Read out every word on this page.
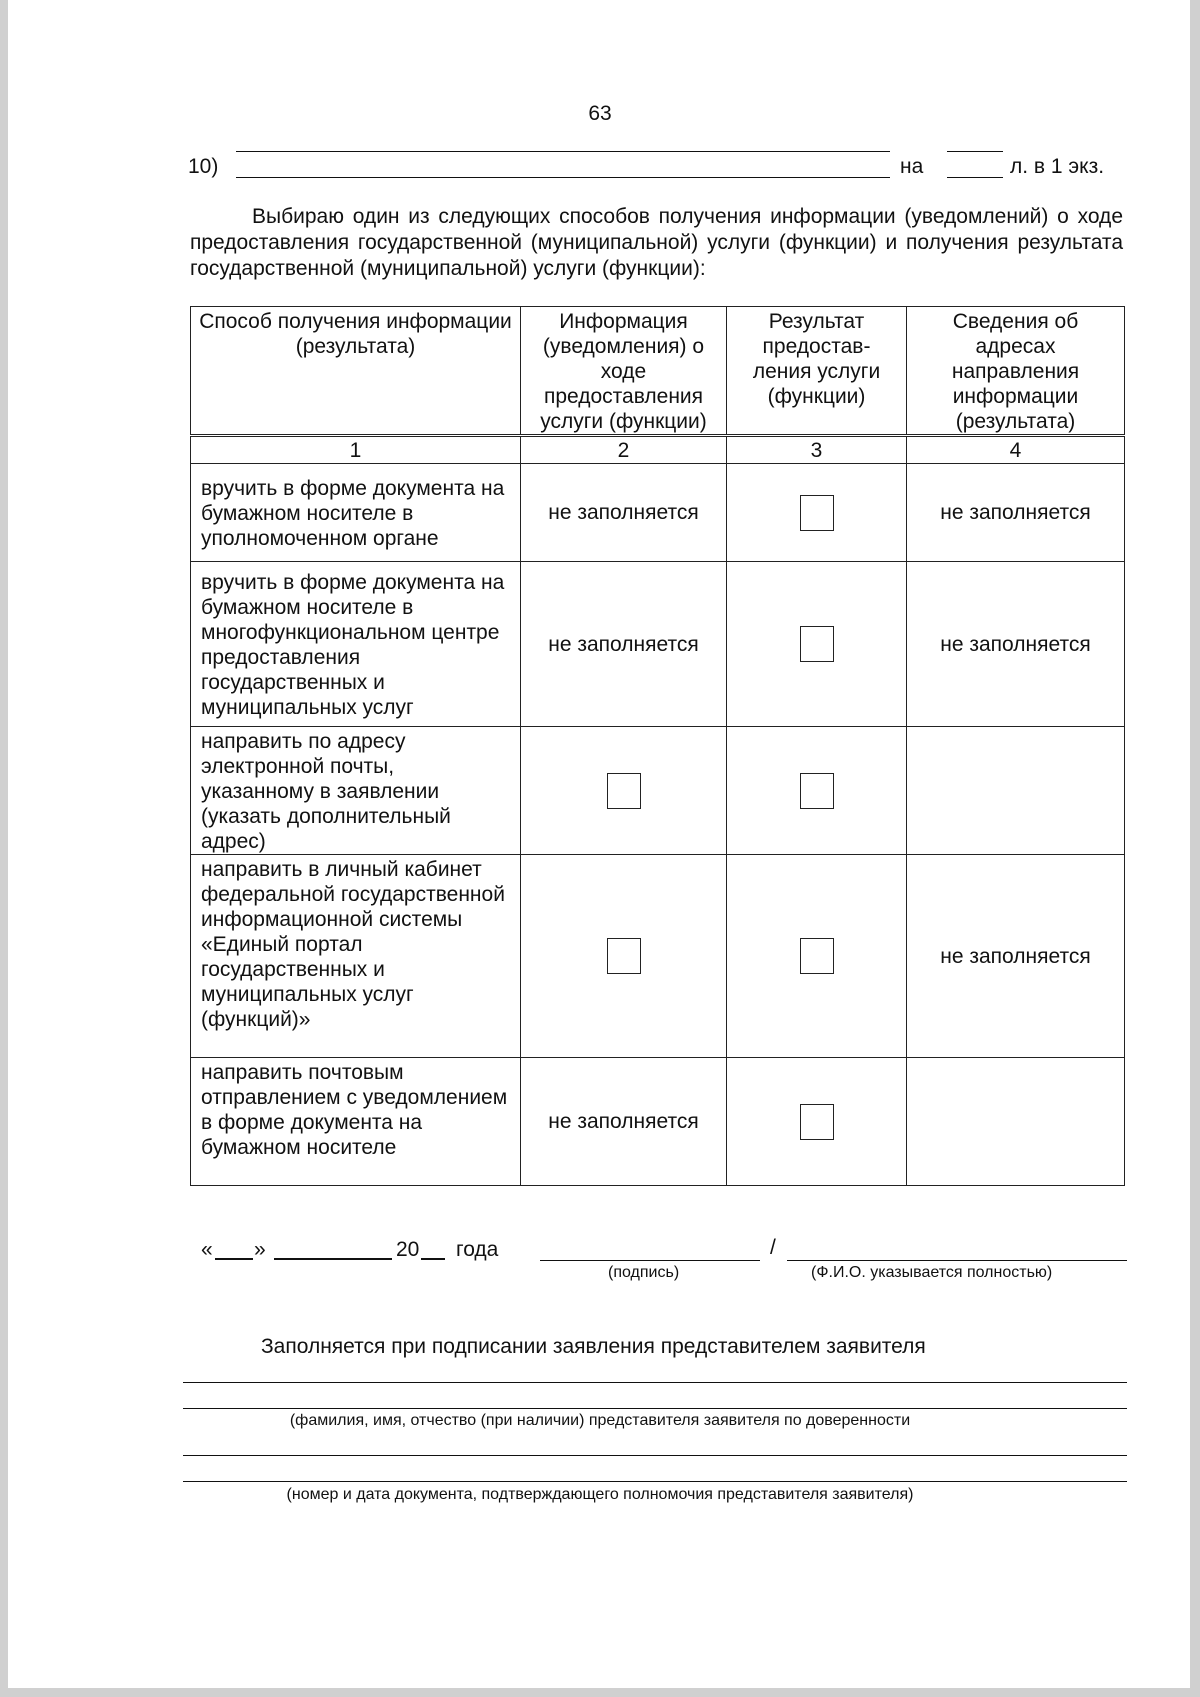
63
10)	на	л. в 1 экз.
Выбираю один из следующих способов получения информации (уведомлений) о ходе предоставления государственной (муниципальной) услуги (функции) и получения результата государственной (муниципальной) услуги (функции):
Способ получения информации (результата)	Информация (уведомления) о ходе предоставления услуги (функции)	Результат предостав-ления услуги (функции)	Сведения об адресах направления информации (результата)
1	2	3	4
вручить в форме документа на бумажном носителе в уполномоченном органе	не заполняется		не заполняется
вручить в форме документа на бумажном носителе в многофункциональном центре предоставления государственных и муниципальных услуг	не заполняется		не заполняется
направить по адресу электронной почты, указанному в заявлении (указать дополнительный адрес)			
направить в личный кабинет федеральной государственной информационной системы «Единый портал государственных и муниципальных услуг (функций)»			не заполняется
направить почтовым отправлением с уведомлением в форме документа на бумажном носителе	не заполняется		
« »	20 года	/
(подпись)	(Ф.И.О. указывается полностью)
Заполняется при подписании заявления представителем заявителя
(фамилия, имя, отчество (при наличии) представителя заявителя по доверенности
(номер и дата документа, подтверждающего полномочия представителя заявителя)
